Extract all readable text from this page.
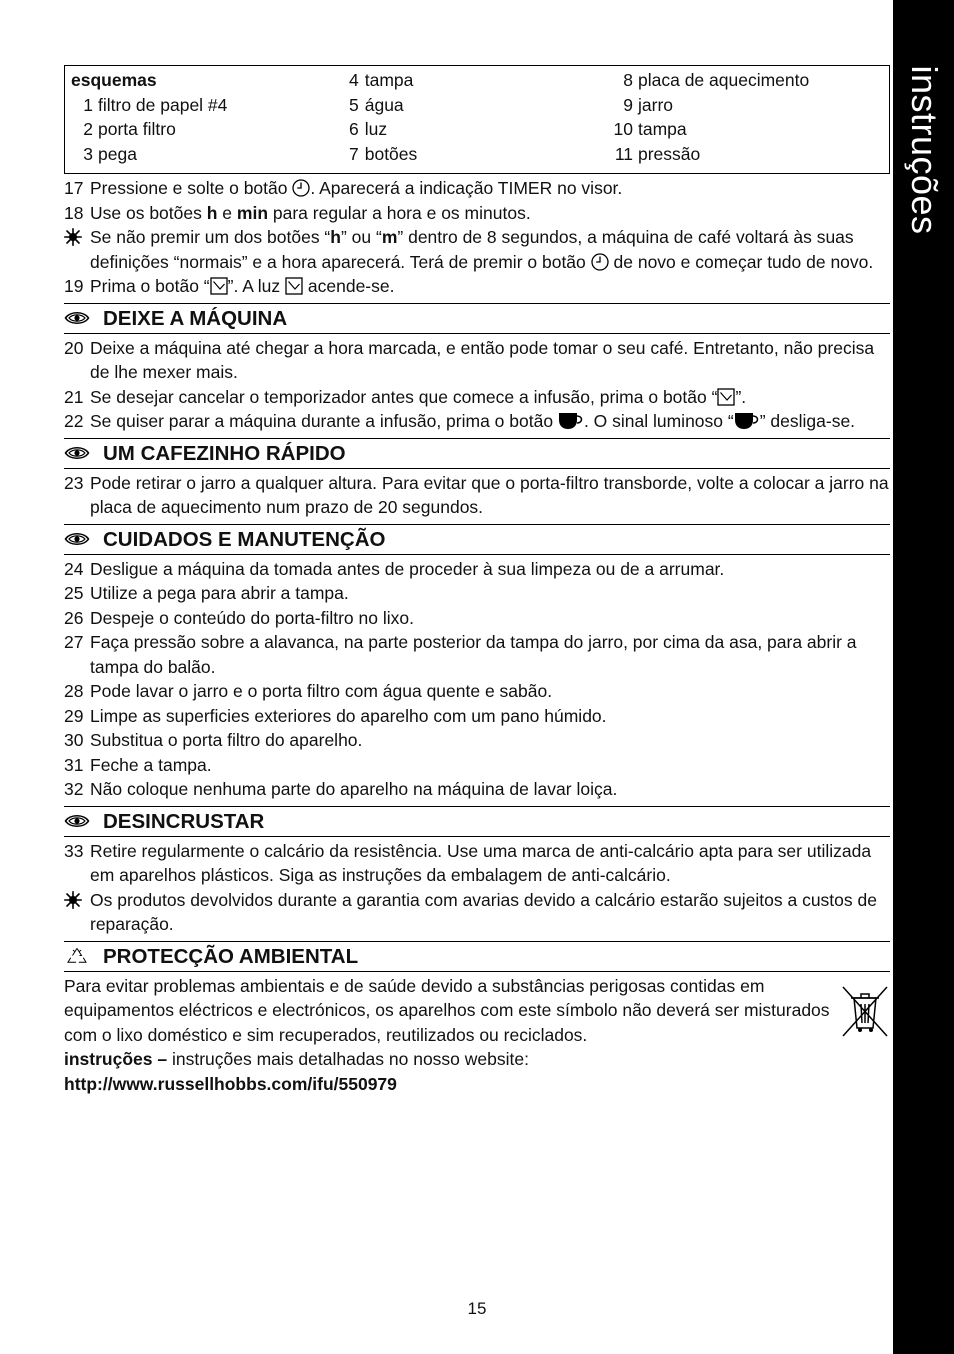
instruções
esquemas
1 filtro de papel #4
2 porta filtro
3 pega
4 tampa
5 água
6 luz
7 botões
8 placa de aquecimento
9 jarro
10 tampa
11 pressão
17 Pressione e solte o botão . Aparecerá a indicação TIMER no visor.
18 Use os botões h e min para regular a hora e os minutos.
Se não premir um dos botões “h” ou “m” dentro de 8 segundos, a máquina de café voltará às suas definições “normais” e a hora aparecerá. Terá de premir o botão  de novo e começar tudo de novo.
19 Prima o botão “ ”. A luz  acende-se.
DEIXE A MÁQUINA
20 Deixe a máquina até chegar a hora marcada, e então pode tomar o seu café. Entretanto, não precisa de lhe mexer mais.
21 Se desejar cancelar o temporizador antes que comece a infusão, prima o botão “ ”.
22 Se quiser parar a máquina durante a infusão, prima o botão . O sinal luminoso “ ” desliga-se.
UM CAFEZINHO RÁPIDO
23 Pode retirar o jarro a qualquer altura. Para evitar que o porta-filtro transborde, volte a colocar a jarro na placa de aquecimento num prazo de 20 segundos.
CUIDADOS E MANUTENÇÃO
24 Desligue a máquina da tomada antes de proceder à sua limpeza ou de a arrumar.
25 Utilize a pega para abrir a tampa.
26 Despeje o conteúdo do porta-filtro no lixo.
27 Faça pressão sobre a alavanca, na parte posterior da tampa do jarro, por cima da asa, para abrir a tampa do balão.
28 Pode lavar o jarro e o porta filtro com água quente e sabão.
29 Limpe as superficies exteriores do aparelho com um pano húmido.
30 Substitua o porta filtro do aparelho.
31 Feche a tampa.
32 Não coloque nenhuma parte do aparelho na máquina de lavar loiça.
DESINCRUSTAR
33 Retire regularmente o calcário da resistência. Use uma marca de anti-calcário apta para ser utilizada em aparelhos plásticos. Siga as instruções da embalagem de anti-calcário.
Os produtos devolvidos durante a garantia com avarias devido a calcário estarão sujeitos a custos de reparação.
PROTECÇÃO AMBIENTAL
Para evitar problemas ambientais e de saúde devido a substâncias perigosas contidas em equipamentos eléctricos e electrónicos, os aparelhos com este símbolo não deverá ser misturados com o lixo doméstico e sim recuperados, reutilizados ou reciclados.
instruções – instruções mais detalhadas no nosso website:
http://www.russellhobbs.com/ifu/550979
15
